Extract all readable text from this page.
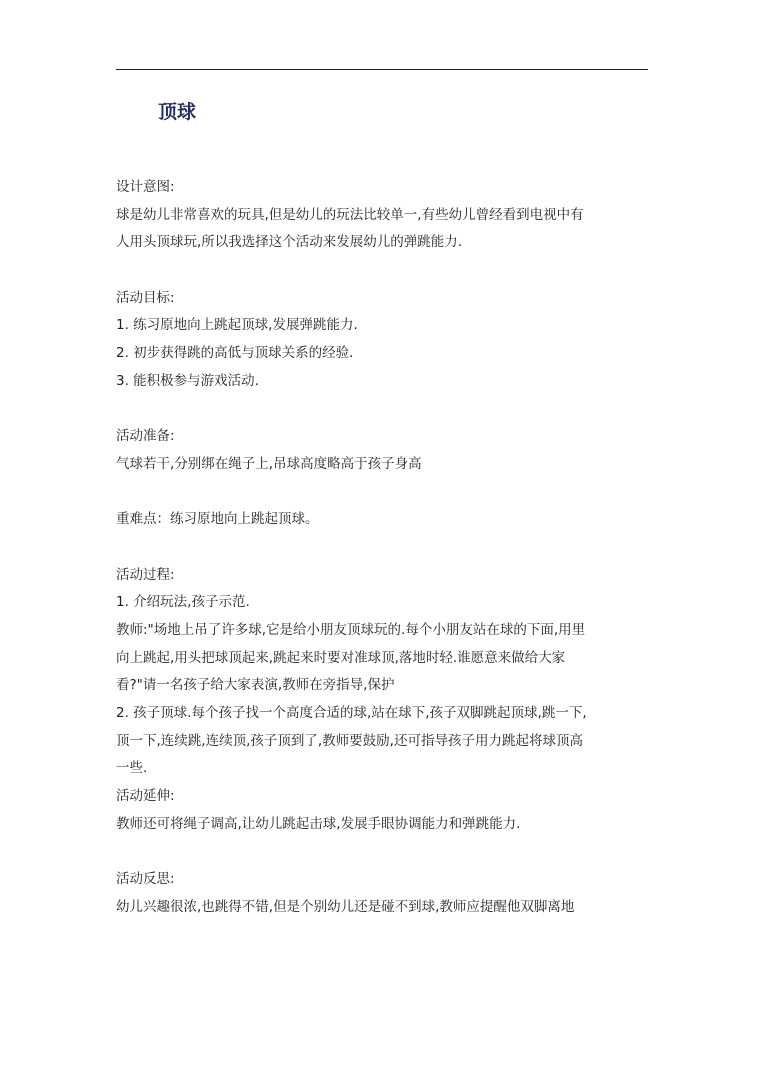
顶球
设计意图:
球是幼儿非常喜欢的玩具,但是幼儿的玩法比较单一,有些幼儿曾经看到电视中有
人用头顶球玩,所以我选择这个活动来发展幼儿的弹跳能力.
活动目标:
1. 练习原地向上跳起顶球,发展弹跳能力.
2. 初步获得跳的高低与顶球关系的经验.
3. 能积极参与游戏活动.
活动准备:
气球若干,分别绑在绳子上,吊球高度略高于孩子身高
重难点：练习原地向上跳起顶球。
活动过程:
1. 介绍玩法,孩子示范.
教师:"场地上吊了许多球,它是给小朋友顶球玩的.每个小朋友站在球的下面,用里
向上跳起,用头把球顶起来,跳起来时要对准球顶,落地时轻.谁愿意来做给大家
看?"请一名孩子给大家表演,教师在旁指导,保护
2. 孩子顶球.每个孩子找一个高度合适的球,站在球下,孩子双脚跳起顶球,跳一下,
顶一下,连续跳,连续顶,孩子顶到了,教师要鼓励,还可指导孩子用力跳起将球顶高
一些.
活动延伸:
教师还可将绳子调高,让幼儿跳起击球,发展手眼协调能力和弹跳能力.
活动反思:
幼儿兴趣很浓,也跳得不错,但是个别幼儿还是碰不到球,教师应提醒他双脚离地
